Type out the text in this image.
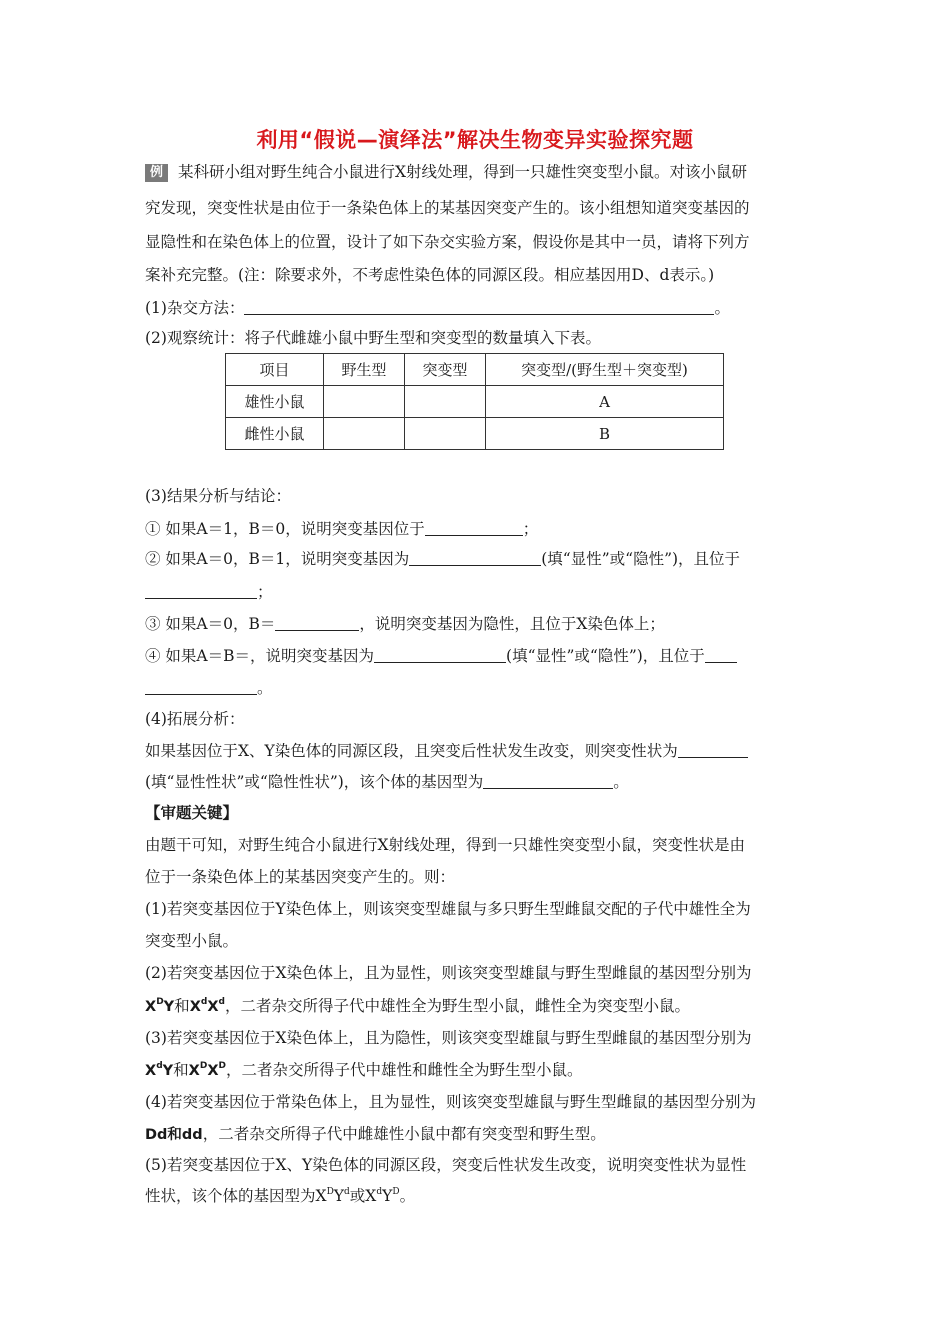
利用“假说—演绎法”解决生物变异实验探究题
例 某科研小组对野生纯合小鼠进行X射线处理，得到一只雄性突变型小鼠。对该小鼠研
究发现，突变性状是由位于一条染色体上的某基因突变产生的。该小组想知道突变基因的
显隐性和在染色体上的位置，设计了如下杂交实验方案，假设你是其中一员，请将下列方
案补充完整。(注：除要求外，不考虑性染色体的同源区段。相应基因用D、d表示。)
(1)杂交方法：	。
(2)观察统计：将子代雌雄小鼠中野生型和突变型的数量填入下表。
项目	野生型	突变型	突变型/(野生型＋突变型)
雄性小鼠			A
雌性小鼠			B
(3)结果分析与结论：
① 如果A＝1，B＝0，说明突变基因位于	；
② 如果A＝0，B＝1，说明突变基因为	(填“显性”或“隐性”)，且位于
；
③ 如果A＝0，B＝	，说明突变基因为隐性，且位于X染色体上；
④ 如果A＝B＝，说明突变基因为	(填“显性”或“隐性”)，且位于
。
(4)拓展分析：
如果基因位于X、Y染色体的同源区段，且突变后性状发生改变，则突变性状为
(填“显性性状”或“隐性性状”)，该个体的基因型为	。
【审题关键】
由题干可知，对野生纯合小鼠进行X射线处理，得到一只雄性突变型小鼠，突变性状是由
位于一条染色体上的某基因突变产生的。则：
(1)若突变基因位于Y染色体上，则该突变型雄鼠与多只野生型雌鼠交配的子代中雄性全为
突变型小鼠。
(2)若突变基因位于X染色体上，且为显性，则该突变型雄鼠与野生型雌鼠的基因型分别为
$X^DY$和$X^dX^d$，二者杂交所得子代中雄性全为野生型小鼠，雌性全为突变型小鼠。
(3)若突变基因位于X染色体上，且为隐性，则该突变型雄鼠与野生型雌鼠的基因型分别为
$X^dY$和$X^DX^D$，二者杂交所得子代中雄性和雌性全为野生型小鼠。
(4)若突变基因位于常染色体上，且为显性，则该突变型雄鼠与野生型雌鼠的基因型分别为
Dd和dd，二者杂交所得子代中雌雄性小鼠中都有突变型和野生型。
(5)若突变基因位于X、Y染色体的同源区段，突变后性状发生改变，说明突变性状为显性
性状，该个体的基因型为$X^DY^d$或$X^dY^D$。
